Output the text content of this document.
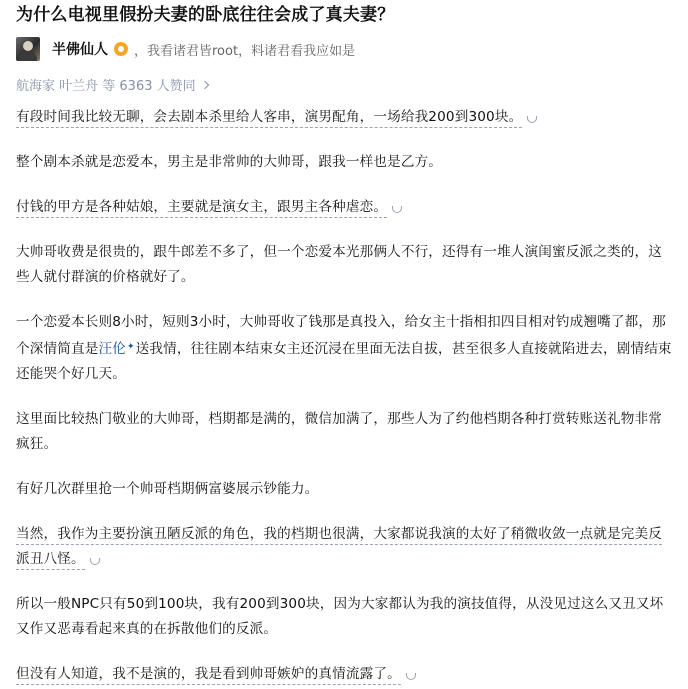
为什么电视里假扮夫妻的卧底往往会成了真夫妻？
半佛仙人 ，我看诸君皆root，料诸君看我应如是
航海家 叶兰舟 等 6363 人赞同

有段时间我比较无聊，会去剧本杀里给人客串，演男配角，一场给我200到300块。

整个剧本杀就是恋爱本，男主是非常帅的大帅哥，跟我一样也是乙方。

付钱的甲方是各种姑娘，主要就是演女主，跟男主各种虐恋。

大帅哥收费是很贵的，跟牛郎差不多了，但一个恋爱本光那俩人不行，还得有一堆人演闺蜜反派之类的，这些人就付群演的价格就好了。

一个恋爱本长则8小时，短则3小时，大帅哥收了钱那是真投入，给女主十指相扣四目相对钓成翘嘴了都，那个深情简直是汪伦✦送我情，往往剧本结束女主还沉浸在里面无法自拔，甚至很多人直接就陷进去，剧情结束还能哭个好几天。

这里面比较热门敬业的大帅哥，档期都是满的，微信加满了，那些人为了约他档期各种打赏转账送礼物非常疯狂。

有好几次群里抢一个帅哥档期俩富婆展示钞能力。

当然，我作为主要扮演丑陋反派的角色，我的档期也很满，大家都说我演的太好了稍微收敛一点就是完美反派丑八怪。

所以一般NPC只有50到100块，我有200到300块，因为大家都认为我的演技值得，从没见过这么又丑又坏又作又恶毒看起来真的在拆散他们的反派。

但没有人知道，我不是演的，我是看到帅哥嫉妒的真情流露了。
